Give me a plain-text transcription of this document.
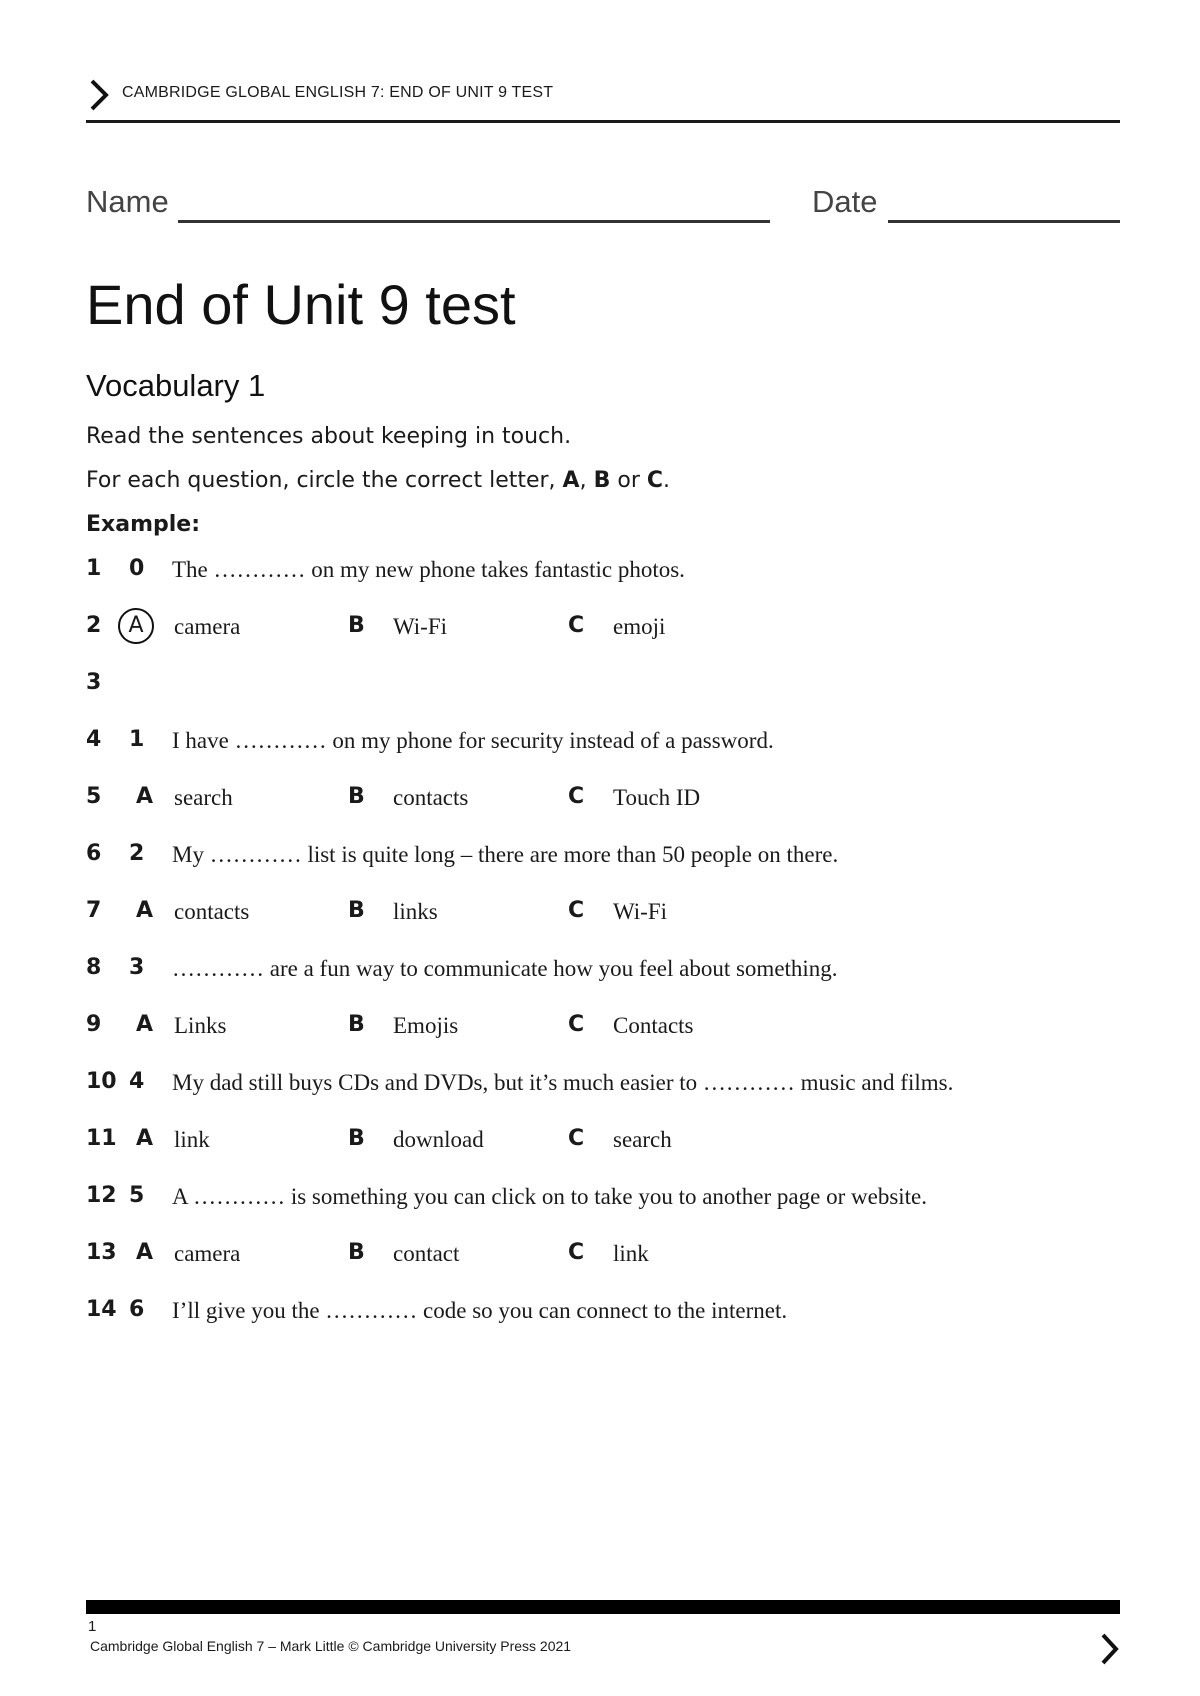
CAMBRIDGE GLOBAL ENGLISH 7: END OF UNIT 9 TEST
Name	Date
End of Unit 9 test
Vocabulary 1
Read the sentences about keeping in touch.
For each question, circle the correct letter, A, B or C.
Example:
1 0 The ………… on my new phone takes fantastic photos.
2	A	camera	B Wi-Fi	C emoji
3
4 1 I have ………… on my phone for security instead of a password.
5 A search	B contacts	C Touch ID
6 2 My ………… list is quite long – there are more than 50 people on there.
7 A contacts	B links	C Wi-Fi
8 3 ………… are a fun way to communicate how you feel about something.
9 A Links	B Emojis	C Contacts
10 4 My dad still buys CDs and DVDs, but it’s much easier to ………… music and films.
11 A link	B download	C search
12 5 A ………… is something you can click on to take you to another page or website.
13 A camera	B contact	C link
14 6 I’ll give you the ………… code so you can connect to the internet.
1
Cambridge Global English 7 – Mark Little © Cambridge University Press 2021
